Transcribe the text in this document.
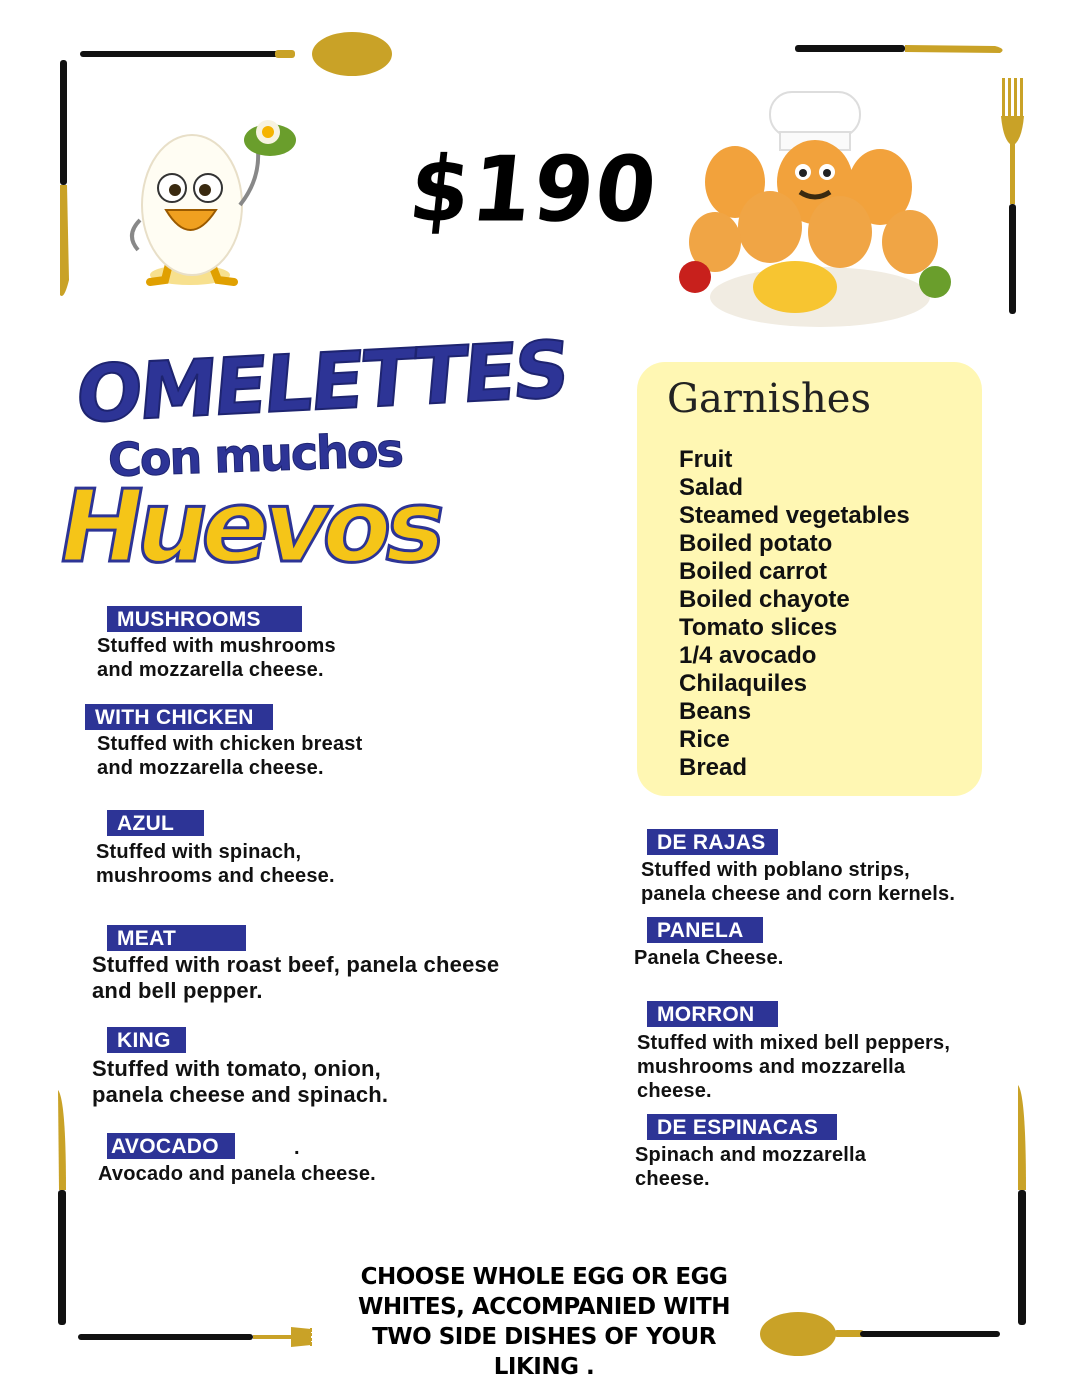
$190
OMELETTES
Con muchos
Huevos
MUSHROOMS
Stuffed with mushrooms
and mozzarella cheese.
WITH CHICKEN
Stuffed with chicken breast
and mozzarella cheese.
AZUL
Stuffed with spinach,
mushrooms and cheese.
MEAT
Stuffed with roast beef, panela cheese
and bell pepper.
KING
Stuffed with tomato, onion,
panela cheese and spinach.
AVOCADO	.
Avocado and panela cheese.
Garnishes
Fruit
Salad
Steamed vegetables
Boiled potato
Boiled carrot
Boiled chayote
Tomato slices
1/4 avocado
Chilaquiles
Beans
Rice
Bread
DE RAJAS
Stuffed with poblano strips,
panela cheese and corn kernels.
PANELA
Panela Cheese.
MORRON
Stuffed with mixed bell peppers,
mushrooms and mozzarella
cheese.
DE ESPINACAS
Spinach and mozzarella
cheese.
CHOOSE WHOLE EGG OR EGG WHITES, ACCOMPANIED WITH TWO SIDE DISHES OF YOUR LIKING .
